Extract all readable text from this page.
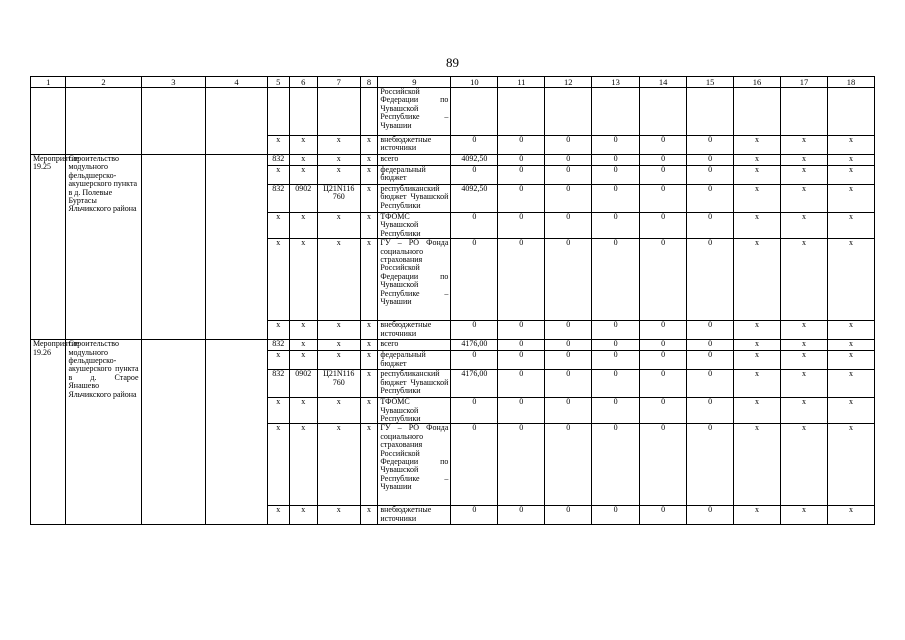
89
1	2	3	4	5	6	7	8	9	10	11	12	13	14	15	16	17	18
								Российской Федерации по Чувашской Республике – Чувашии									
				x	x	x	x	внебюджетные источники	0	0	0	0	0	0	x	x	x
Мероприятие 19.25	Строительство модульного фельдшерско-акушерского пункта в д. Полевые Буртасы Яльчикского района			832	x	x	x	всего	4092,50	0	0	0	0	0	x	x	x
				x	x	x	x	федеральный бюджет	0	0	0	0	0	0	x	x	x
				832	0902	Ц21N116 760	x	республиканский бюджет Чувашской Республики	4092,50	0	0	0	0	0	x	x	x
				x	x	x	x	ТФОМС Чувашской Республики	0	0	0	0	0	0	x	x	x
				x	x	x	x	ГУ – РО Фонда социального страхования Российской Федерации по Чувашской Республике – Чувашии	0	0	0	0	0	0	x	x	x
				x	x	x	x	внебюджетные источники	0	0	0	0	0	0	x	x	x
Мероприятие 19.26	Строительство модульного фельдшерско-акушерского пункта в д. Старое Янашево Яльчикского района			832	x	x	x	всего	4176,00	0	0	0	0	0	x	x	x
				x	x	x	x	федеральный бюджет	0	0	0	0	0	0	x	x	x
				832	0902	Ц21N116 760	x	республиканский бюджет Чувашской Республики	4176,00	0	0	0	0	0	x	x	x
				x	x	x	x	ТФОМС Чувашской Республики	0	0	0	0	0	0	x	x	x
				x	x	x	x	ГУ – РО Фонда социального страхования Российской Федерации по Чувашской Республике – Чувашии	0	0	0	0	0	0	x	x	x
				x	x	x	x	внебюджетные источники	0	0	0	0	0	0	x	x	x
